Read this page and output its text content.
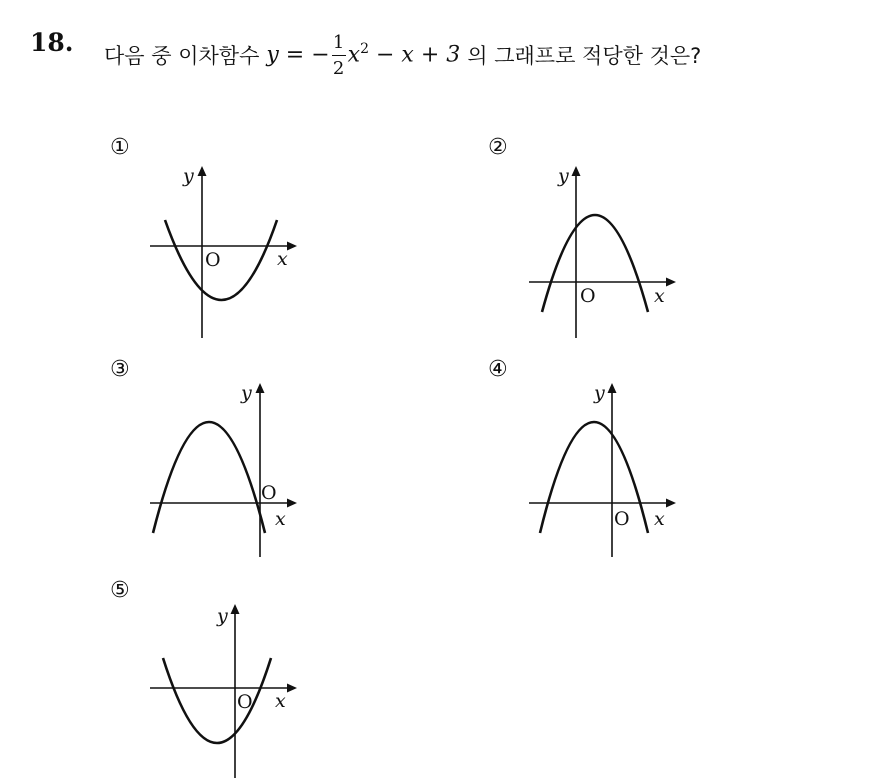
18. 다음 중 이차함수
y = − $\frac{1}{2} x^2 - x + 3$
의 그래프로 적당한 것은?
①
y
x
O
②
y
x
O
③
y
x
O
④
y
x
O
⑤
y
x
O
